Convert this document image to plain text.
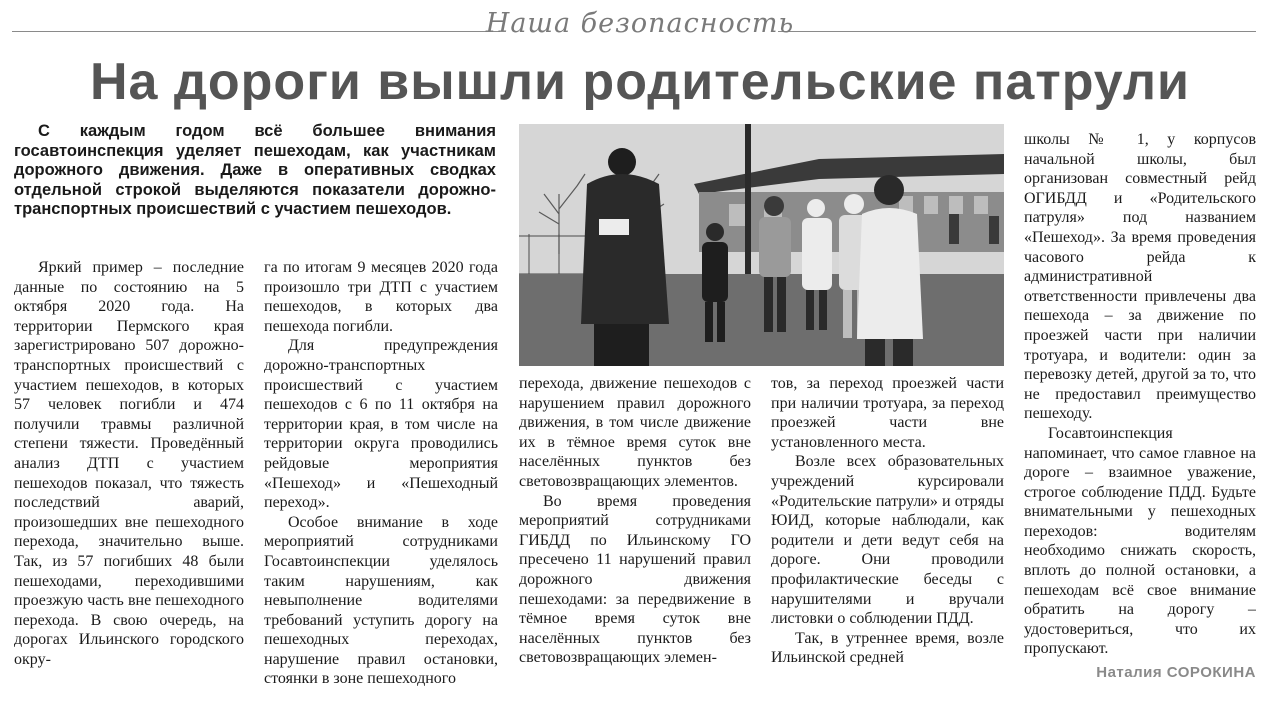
Наша безопасность
На дороги вышли родительские патрули
С каждым годом всё большее внимания госавтоинспекция уделяет пешеходам, как участникам дорожного движения. Даже в оперативных сводках отдельной строкой выделяются показатели дорожно-транспортных происшествий с участием пешеходов.

Яркий пример – последние данные по состоянию на 5 октября 2020 года. На территории Пермского края зарегистрировано 507 дорожно-транспортных происшествий с участием пешеходов, в которых 57 человек погибли и 474 получили травмы различной степени тяжести. Проведённый анализ ДТП с участием пешеходов показал, что тяжесть последствий аварий, произошедших вне пешеходного перехода, значительно выше. Так, из 57 погибших 48 были пешеходами, переходившими проезжую часть вне пешеходного перехода. В свою очередь, на дорогах Ильинского городского окру-

га по итогам 9 месяцев 2020 года произошло три ДТП с участием пешеходов, в которых два пешехода погибли.

Для предупреждения дорожно-транспортных происшествий с участием пешеходов с 6 по 11 октября на территории края, в том числе на территории округа проводились рейдовые мероприятия «Пешеход» и «Пешеходный переход».

Особое внимание в ходе мероприятий сотрудниками Госавтоинспекции уделялось таким нарушениям, как невыполнение водителями требований уступить дорогу на пешеходных переходах, нарушение правил остановки, стоянки в зоне пешеходного

перехода, движение пешеходов с нарушением правил дорожного движения, в том числе движение их в тёмное время суток вне населённых пунктов без световозвращающих элементов.

Во время проведения мероприятий сотрудниками ГИБДД по Ильинскому ГО пресечено 11 нарушений правил дорожного движения пешеходами: за передвижение в тёмное время суток вне населённых пунктов без световозвращающих элемен-

тов, за переход проезжей части при наличии тротуара, за переход проезжей части вне установленного места.

Возле всех образовательных учреждений курсировали «Родительские патрули» и отряды ЮИД, которые наблюдали, как родители и дети ведут себя на дороге. Они проводили профилактические беседы с нарушителями и вручали листовки о соблюдении ПДД.

Так, в утреннее время, возле Ильинской средней

школы № 1, у корпусов начальной школы, был организован совместный рейд ОГИБДД и «Родительского патруля» под названием «Пешеход». За время проведения часового рейда к административной ответственности привлечены два пешехода – за движение по проезжей части при наличии тротуара, и водители: один за перевозку детей, другой за то, что не предоставил преимущество пешеходу.

Госавтоинспекция напоминает, что самое главное на дороге – взаимное уважение, строгое соблюдение ПДД. Будьте внимательными у пешеходных переходов: водителям необходимо снижать скорость, вплоть до полной остановки, а пешеходам всё свое внимание обратить на дорогу – удостовериться, что их пропускают.

Наталия СОРОКИНА
